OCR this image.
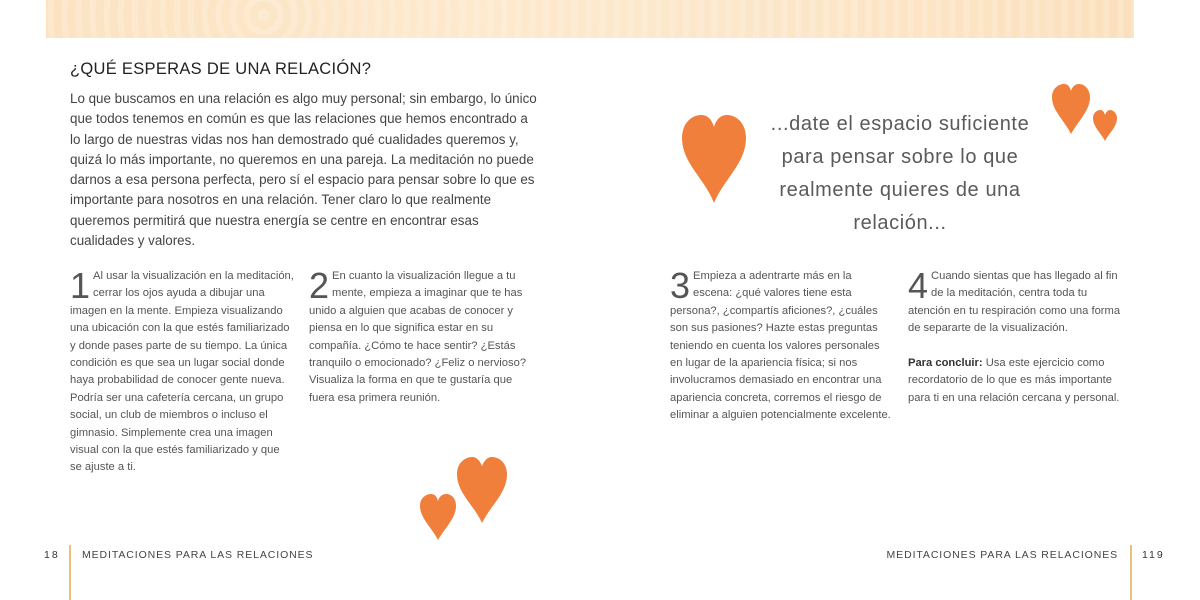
¿QUÉ ESPERAS DE UNA RELACIÓN?

Lo que buscamos en una relación es algo muy personal; sin embargo, lo único que todos tenemos en común es que las relaciones que hemos encontrado a lo largo de nuestras vidas nos han demostrado qué cualidades queremos y, quizá lo más importante, no queremos en una pareja. La meditación no puede darnos a esa persona perfecta, pero sí el espacio para pensar sobre lo que es importante para nosotros en una relación. Tener claro lo que realmente queremos permitirá que nuestra energía se centre en encontrar esas cualidades y valores.

1 Al usar la visualización en la meditación, cerrar los ojos ayuda a dibujar una imagen en la mente. Empieza visualizando una ubicación con la que estés familiarizado y donde pases parte de su tiempo. La única condición es que sea un lugar social donde haya probabilidad de conocer gente nueva. Podría ser una cafetería cercana, un grupo social, un club de miembros o incluso el gimnasio. Simplemente crea una imagen visual con la que estés familiarizado y que se ajuste a ti.
2 En cuanto la visualización llegue a tu mente, empieza a imaginar que te has unido a alguien que acabas de conocer y piensa en lo que significa estar en su compañía. ¿Cómo te hace sentir? ¿Estás tranquilo o emocionado? ¿Feliz o nervioso? Visualiza la forma en que te gustaría que fuera esa primera reunión.
18 MEDITACIONES PARA LAS RELACIONES

...date el espacio suficiente para pensar sobre lo que realmente quieres de una relación...

3 Empieza a adentrarte más en la escena: ¿qué valores tiene esta persona?, ¿compartís aficiones?, ¿cuáles son sus pasiones? Hazte estas preguntas teniendo en cuenta los valores personales en lugar de la apariencia física; si nos involucramos demasiado en encontrar una apariencia concreta, corremos el riesgo de eliminar a alguien potencialmente excelente.
4 Cuando sientas que has llegado al fin de la meditación, centra toda tu atención en tu respiración como una forma de separarte de la visualización.

Para concluir: Usa este ejercicio como recordatorio de lo que es más importante para ti en una relación cercana y personal.

MEDITACIONES PARA LAS RELACIONES 119
